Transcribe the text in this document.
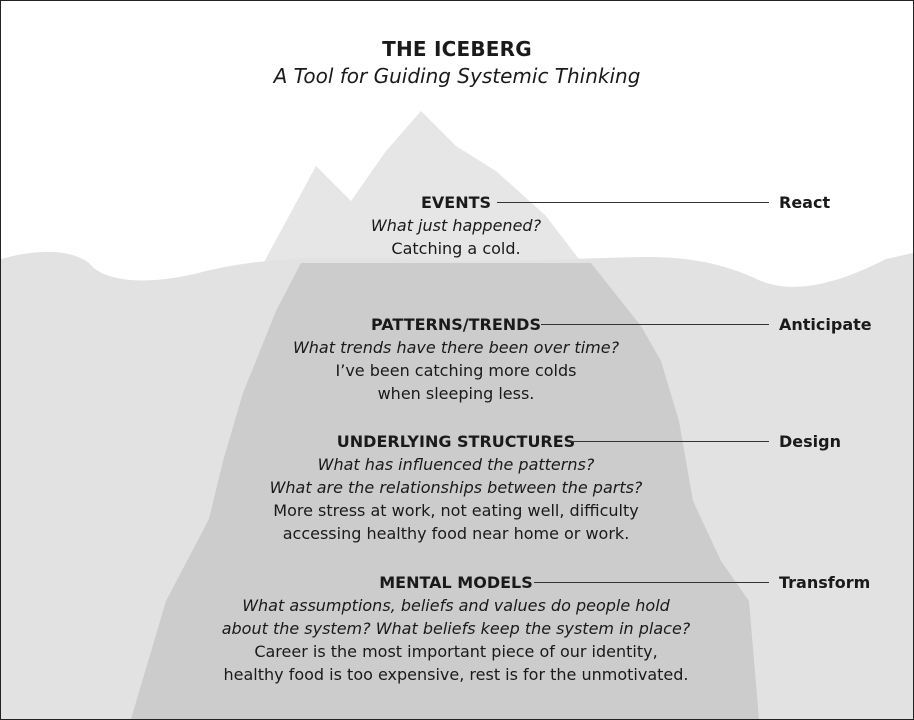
THE ICEBERG
A Tool for Guiding Systemic Thinking
EVENTS
What just happened?
Catching a cold.
React
PATTERNS/TRENDS
What trends have there been over time?
I’ve been catching more colds
when sleeping less.
Anticipate
UNDERLYING STRUCTURES
What has influenced the patterns?
What are the relationships between the parts?
More stress at work, not eating well, difficulty
accessing healthy food near home or work.
Design
MENTAL MODELS
What assumptions, beliefs and values do people hold
about the system? What beliefs keep the system in place?
Career is the most important piece of our identity,
healthy food is too expensive, rest is for the unmotivated.
Transform
